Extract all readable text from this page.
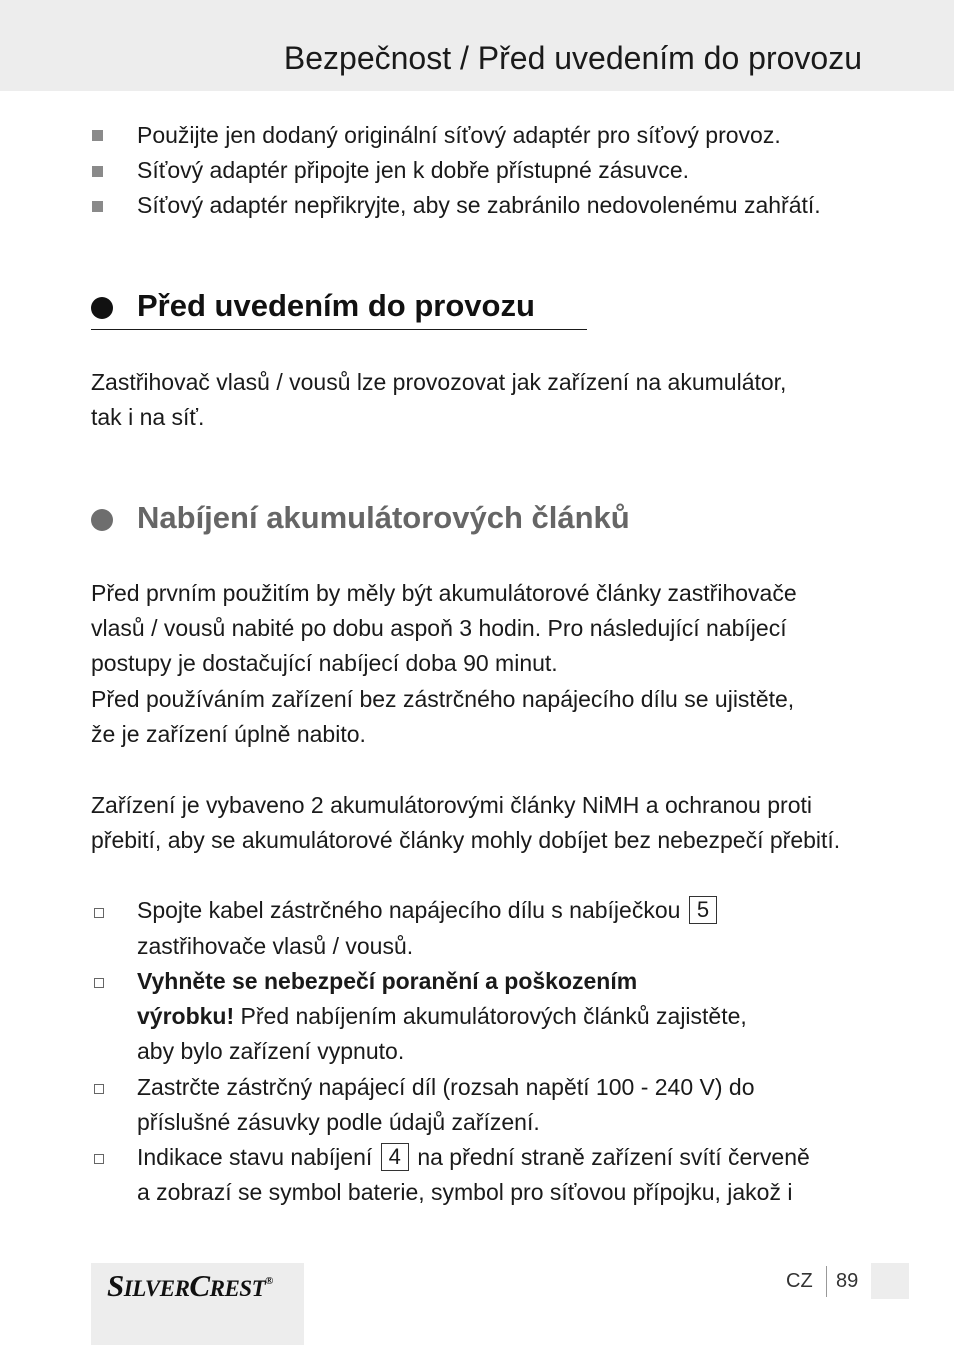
Bezpečnost / Před uvedením do provozu
Použijte jen dodaný originální síťový adaptér pro síťový provoz.
Síťový adaptér připojte jen k dobře přístupné zásuvce.
Síťový adaptér nepřikryjte, aby se zabránilo nedovolenému zahřátí.
Před uvedením do provozu
Zastřihovač vlasů / vousů lze provozovat jak zařízení na akumulátor,
tak i na síť.
Nabíjení akumulátorových článků
Před prvním použitím by měly být akumulátorové články zastřihovače
vlasů / vousů nabité po dobu aspoň 3 hodin. Pro následující nabíjecí
postupy je dostačující nabíjecí doba 90 minut.
Před používáním zařízení bez zástrčného napájecího dílu se ujistěte,
že je zařízení úplně nabito.
Zařízení je vybaveno 2 akumulátorovými články NiMH a ochranou proti
přebití, aby se akumulátorové články mohly dobíjet bez nebezpečí přebití.
Spojte kabel zástrčného napájecího dílu s nabíječkou 5
zastřihovače vlasů / vousů.
Vyhněte se nebezpečí poranění a poškozením
výrobku! Před nabíjením akumulátorových článků zajistěte,
aby bylo zařízení vypnuto.
Zastrčte zástrčný napájecí díl (rozsah napětí 100 - 240 V) do
příslušné zásuvky podle údajů zařízení.
Indikace stavu nabíjení 4 na přední straně zařízení svítí červeně
a zobrazí se symbol baterie, symbol pro síťovou přípojku, jakož i
SILVERCREST®	CZ 89
